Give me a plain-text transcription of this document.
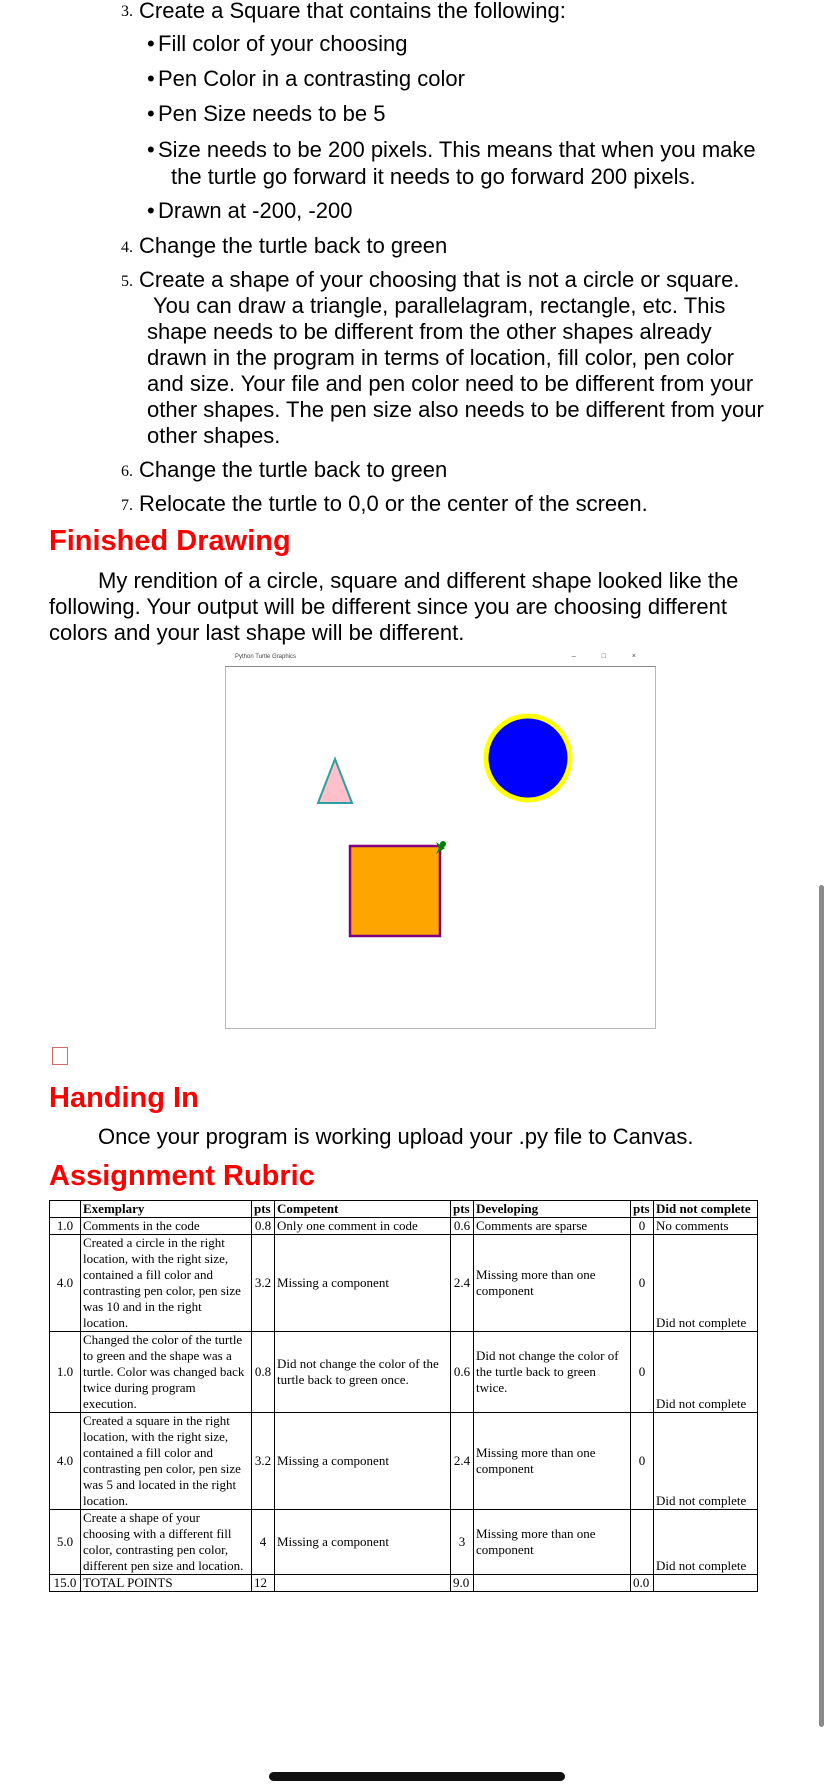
3. Create a Square that contains the following:
• Fill color of your choosing
• Pen Color in a contrasting color
• Pen Size needs to be 5
• Size needs to be 200 pixels. This means that when you make
the turtle go forward it needs to go forward 200 pixels.
• Drawn at -200, -200
4. Change the turtle back to green
5. Create a shape of your choosing that is not a circle or square.
You can draw a triangle, parallelagram, rectangle, etc. This
shape needs to be different from the other shapes already
drawn in the program in terms of location, fill color, pen color
and size. Your file and pen color need to be different from your
other shapes. The pen size also needs to be different from your
other shapes.
6. Change the turtle back to green
7. Relocate the turtle to 0,0 or the center of the screen.
Finished Drawing
My rendition of a circle, square and different shape looked like the
following. Your output will be different since you are choosing different
colors and your last shape will be different.
Python Turtle Graphics	– □ ×
Handing In
Once your program is working upload your .py file to Canvas.
Assignment Rubric
	Exemplary	pts	Competent	pts	Developing	pts	Did not complete
1.0	Comments in the code	0.8	Only one comment in code	0.6	Comments are sparse	0	No comments
4.0	Created a circle in the right location, with the right size, contained a fill color and contrasting pen color, pen size was 10 and in the right location.	3.2	Missing a component	2.4	Missing more than one component	0	Did not complete
1.0	Changed the color of the turtle to green and the shape was a turtle. Color was changed back twice during program execution.	0.8	Did not change the color of the turtle back to green once.	0.6	Did not change the color of the turtle back to green twice.	0	Did not complete
4.0	Created a square in the right location, with the right size, contained a fill color and contrasting pen color, pen size was 5 and located in the right location.	3.2	Missing a component	2.4	Missing more than one component	0	Did not complete
5.0	Create a shape of your choosing with a different fill color, contrasting pen color, different pen size and location.	4	Missing a component	3	Missing more than one component		Did not complete
15.0	TOTAL POINTS	12		9.0		0.0	
